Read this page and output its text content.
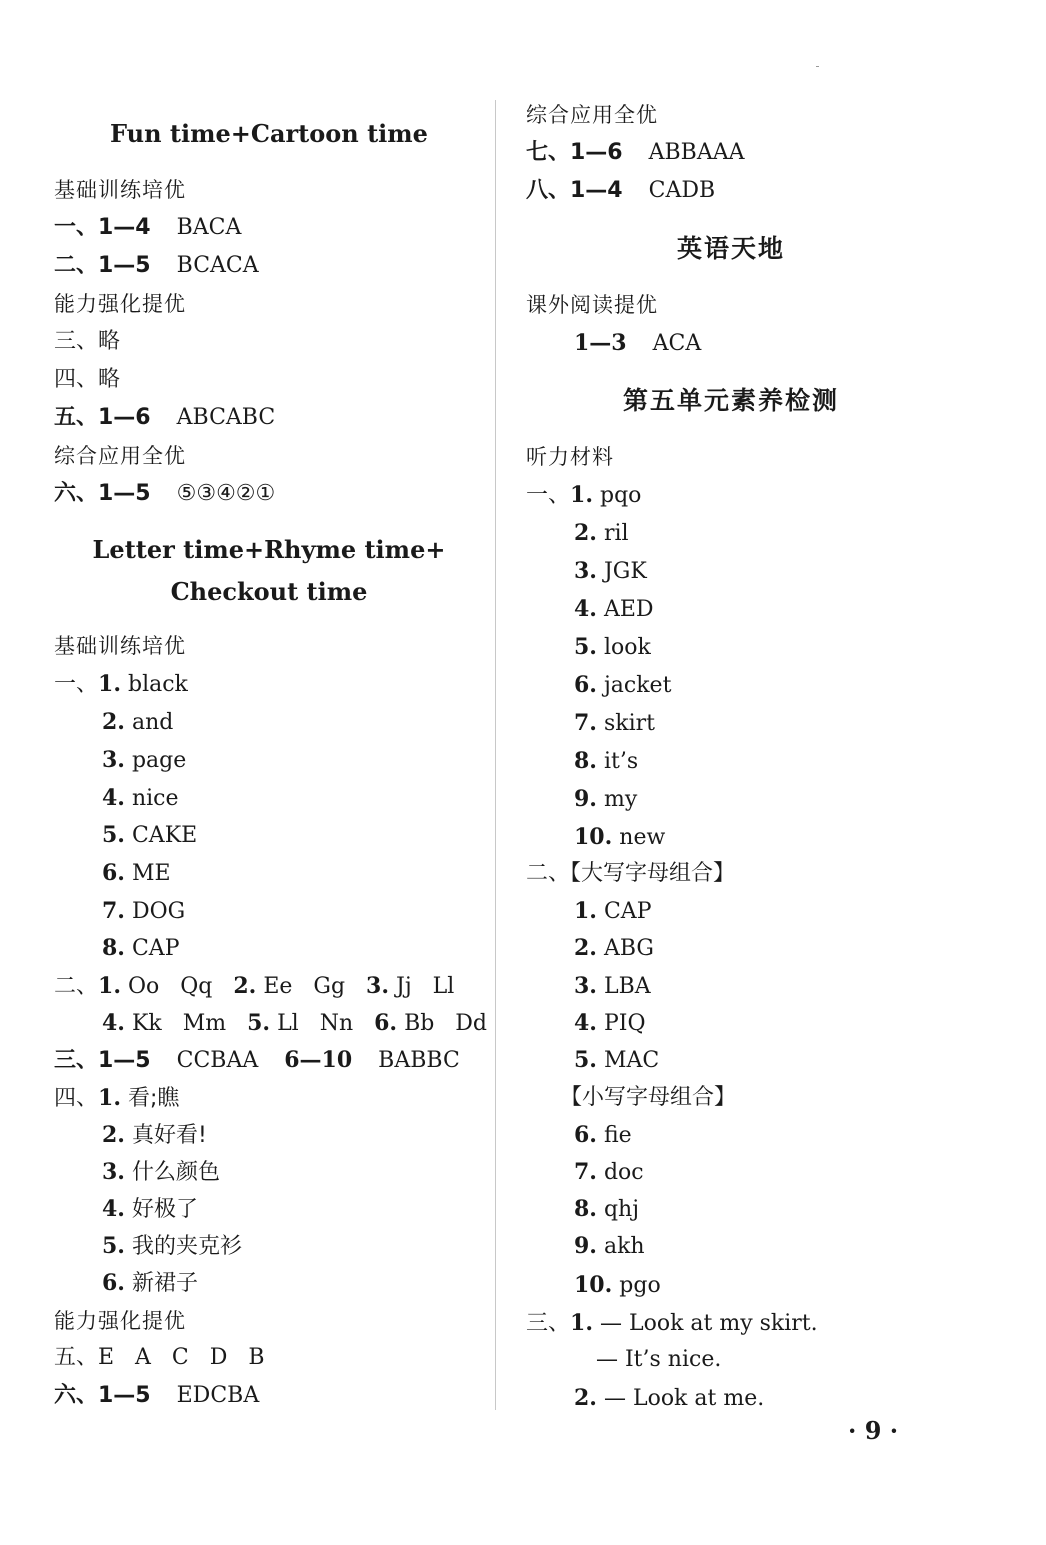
Fun time+Cartoon time
基础训练培优
一、1—4 BACA
二、1—5 BCACA
能力强化提优
三、略
四、略
五、1—6 ABCABC
综合应用全优
六、1—5 ⑤③④②①
Letter time+Rhyme time+
Checkout time
基础训练培优
一、1. black
2. and
3. page
4. nice
5. CAKE
6. ME
7. DOG
8. CAP
二、1. Oo   Qq 2. Ee   Gg 3. Jj   Ll
4. Kk   Mm 5. Ll   Nn 6. Bb   Dd
三、1—5 CCBAA 6—10 BABBC
四、1. 看;瞧
2. 真好看!
3. 什么颜色
4. 好极了
5. 我的夹克衫
6. 新裙子
能力强化提优
五、E   A   C   D   B
六、1—5 EDCBA
综合应用全优
七、1—6 ABBAAA
八、1—4 CADB
英语天地
课外阅读提优
1—3 ACA
第五单元素养检测
听力材料
一、1. pqo
2. ril
3. JGK
4. AED
5. look
6. jacket
7. skirt
8. it’s
9. my
10. new
二、【大写字母组合】
1. CAP
2. ABG
3. LBA
4. PIQ
5. MAC
【小写字母组合】
6. fie
7. doc
8. qhj
9. akh
10. pgo
三、1. — Look at my skirt.
— It’s nice.
2. — Look at me.
· 9 ·
